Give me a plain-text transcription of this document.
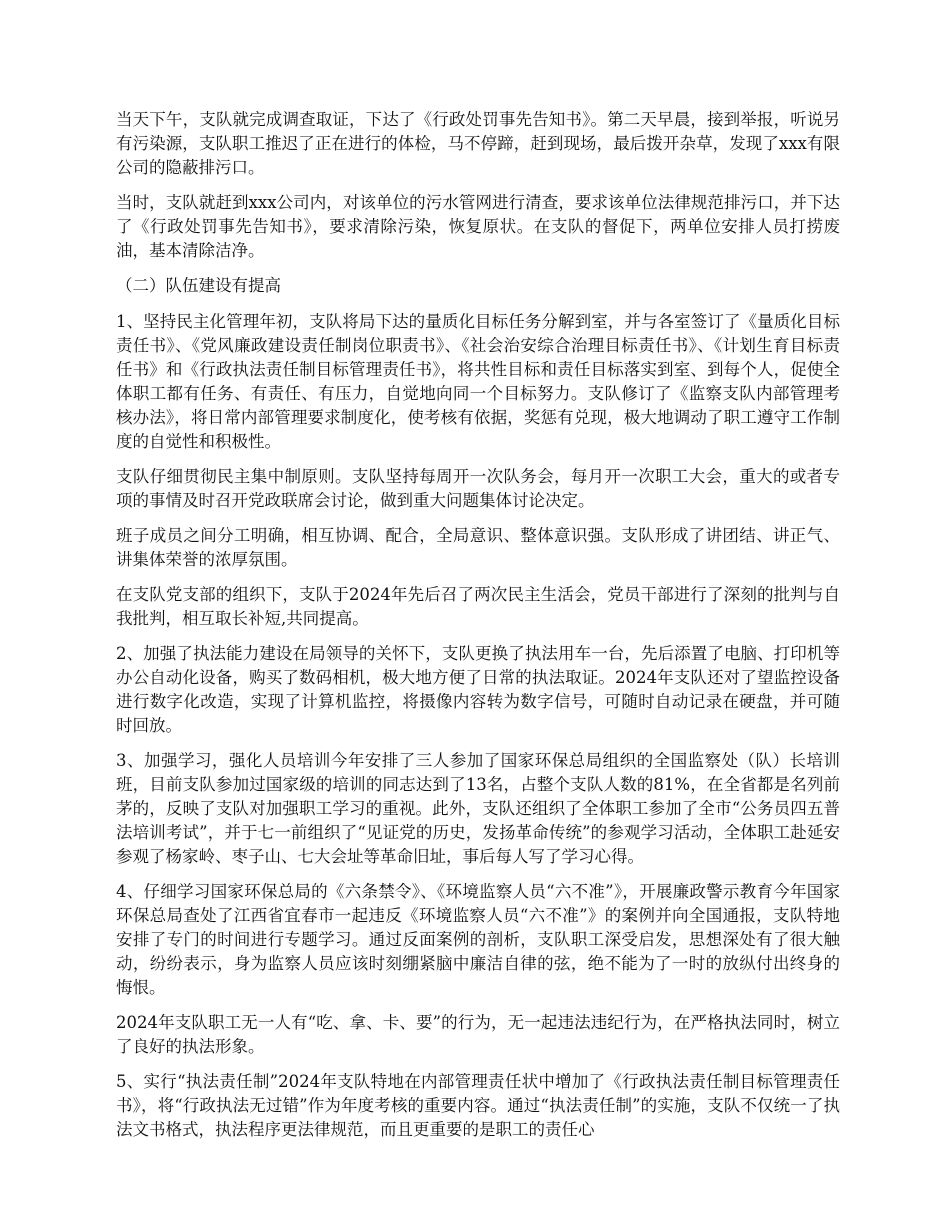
当天下午，支队就完成调查取证，下达了《行政处罚事先告知书》。第二天早晨，接到举报，听说另有污染源，支队职工推迟了正在进行的体检，马不停蹄，赶到现场，最后拨开杂草，发现了xxx有限公司的隐蔽排污口。

当时，支队就赶到xxx公司内，对该单位的污水管网进行清查，要求该单位法律规范排污口，并下达了《行政处罚事先告知书》，要求清除污染，恢复原状。在支队的督促下，两单位安排人员打捞废油，基本清除洁净。

（二）队伍建设有提高

1、坚持民主化管理年初，支队将局下达的量质化目标任务分解到室，并与各室签订了《量质化目标责任书》、《党风廉政建设责任制岗位职责书》、《社会治安综合治理目标责任书》、《计划生育目标责任书》和《行政执法责任制目标管理责任书》，将共性目标和责任目标落实到室、到每个人，促使全体职工都有任务、有责任、有压力，自觉地向同一个目标努力。支队修订了《监察支队内部管理考核办法》，将日常内部管理要求制度化，使考核有依据，奖惩有兑现，极大地调动了职工遵守工作制度的自觉性和积极性。

支队仔细贯彻民主集中制原则。支队坚持每周开一次队务会，每月开一次职工大会，重大的或者专项的事情及时召开党政联席会讨论，做到重大问题集体讨论决定。

班子成员之间分工明确，相互协调、配合，全局意识、整体意识强。支队形成了讲团结、讲正气、讲集体荣誉的浓厚氛围。

在支队党支部的组织下，支队于2024年先后召了两次民主生活会，党员干部进行了深刻的批判与自我批判，相互取长补短,共同提高。

2、加强了执法能力建设在局领导的关怀下，支队更换了执法用车一台，先后添置了电脑、打印机等办公自动化设备，购买了数码相机，极大地方便了日常的执法取证。2024年支队还对了望监控设备进行数字化改造，实现了计算机监控，将摄像内容转为数字信号，可随时自动记录在硬盘，并可随时回放。

3、加强学习，强化人员培训今年安排了三人参加了国家环保总局组织的全国监察处（队）长培训班，目前支队参加过国家级的培训的同志达到了13名，占整个支队人数的81%，在全省都是名列前茅的，反映了支队对加强职工学习的重视。此外，支队还组织了全体职工参加了全市“公务员四五普法培训考试”，并于七一前组织了“见证党的历史，发扬革命传统”的参观学习活动，全体职工赴延安参观了杨家岭、枣子山、七大会址等革命旧址，事后每人写了学习心得。

4、仔细学习国家环保总局的《六条禁令》、《环境监察人员“六不准”》，开展廉政警示教育今年国家环保总局查处了江西省宜春市一起违反《环境监察人员“六不准”》的案例并向全国通报，支队特地安排了专门的时间进行专题学习。通过反面案例的剖析，支队职工深受启发，思想深处有了很大触动，纷纷表示，身为监察人员应该时刻绷紧脑中廉洁自律的弦，绝不能为了一时的放纵付出终身的悔恨。

2024年支队职工无一人有“吃、拿、卡、要”的行为，无一起违法违纪行为，在严格执法同时，树立了良好的执法形象。

5、实行“执法责任制”2024年支队特地在内部管理责任状中增加了《行政执法责任制目标管理责任书》，将“行政执法无过错”作为年度考核的重要内容。通过“执法责任制”的实施，支队不仅统一了执法文书格式，执法程序更法律规范，而且更重要的是职工的责任心
